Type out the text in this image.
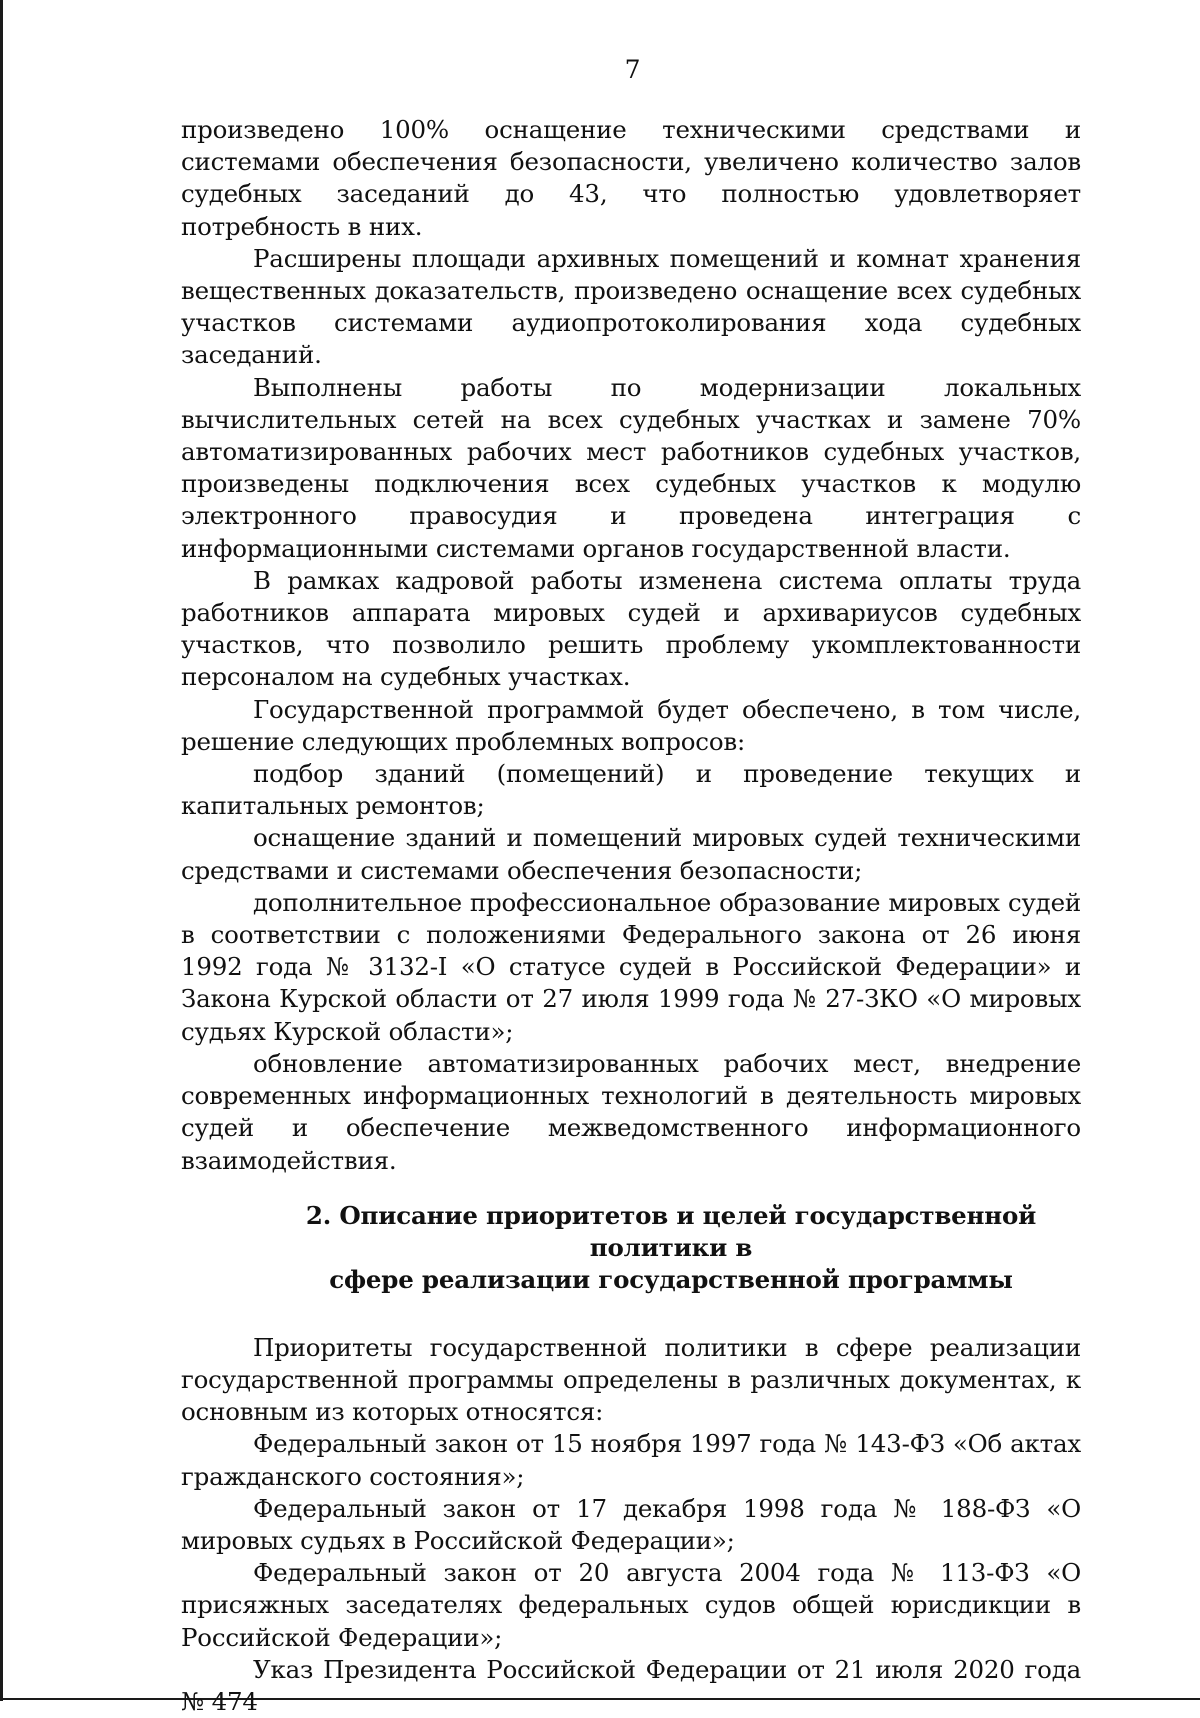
7

произведено 100% оснащение техническими средствами и системами обеспечения безопасности, увеличено количество залов судебных заседаний до 43, что полностью удовлетворяет потребность в них.

Расширены площади архивных помещений и комнат хранения вещественных доказательств, произведено оснащение всех судебных участков системами аудиопротоколирования хода судебных заседаний.

Выполнены работы по модернизации локальных вычислительных сетей на всех судебных участках и замене 70% автоматизированных рабочих мест работников судебных участков, произведены подключения всех судебных участков к модулю электронного правосудия и проведена интеграция с информационными системами органов государственной власти.

В рамках кадровой работы изменена система оплаты труда работников аппарата мировых судей и архивариусов судебных участков, что позволило решить проблему укомплектованности персоналом на судебных участках.

Государственной программой будет обеспечено, в том числе, решение следующих проблемных вопросов:

подбор зданий (помещений) и проведение текущих и капитальных ремонтов;

оснащение зданий и помещений мировых судей техническими средствами и системами обеспечения безопасности;

дополнительное профессиональное образование мировых судей в соответствии с положениями Федерального закона от 26 июня 1992 года № 3132-I «О статусе судей в Российской Федерации» и Закона Курской области от 27 июля 1999 года № 27-ЗКО «О мировых судьях Курской области»;

обновление автоматизированных рабочих мест, внедрение современных информационных технологий в деятельность мировых судей и обеспечение межведомственного информационного взаимодействия.

2. Описание приоритетов и целей государственной политики в
сфере реализации государственной программы

Приоритеты государственной политики в сфере реализации государственной программы определены в различных документах, к основным из которых относятся:

Федеральный закон от 15 ноября 1997 года № 143-ФЗ «Об актах гражданского состояния»;

Федеральный закон от 17 декабря 1998 года № 188-ФЗ «О мировых судьях в Российской Федерации»;

Федеральный закон от 20 августа 2004 года № 113-ФЗ «О присяжных заседателях федеральных судов общей юрисдикции в Российской Федерации»;

Указ Президента Российской Федерации от 21 июля 2020 года № 474
